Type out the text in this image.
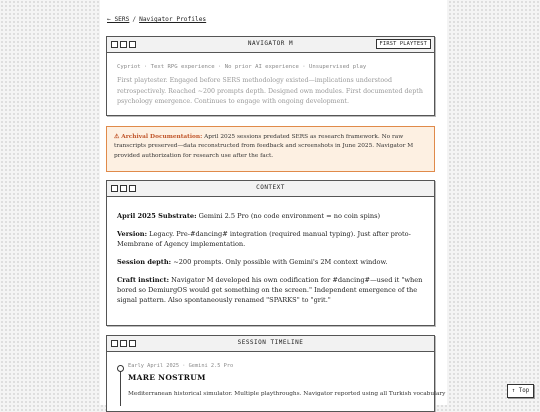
← SERS / Navigator Profiles
NAVIGATOR M	FIRST PLAYTEST
Cypriot · Text RPG experience · No prior AI experience · Unsupervised play
First playtester. Engaged before SERS methodology existed—implications understood retrospectively. Reached ~200 prompts depth. Designed own modules. First documented depth psychology emergence. Continues to engage with ongoing development.
⚠ Archival Documentation: April 2025 sessions predated SERS as research framework. No raw transcripts preserved—data reconstructed from feedback and screenshots in June 2025. Navigator M provided authorization for research use after the fact.
CONTEXT

April 2025 Substrate: Gemini 2.5 Pro (no code environment = no coin spins)

Version: Legacy. Pre-#dancing# integration (required manual typing). Just after proto-Membrane of Agency implementation.

Session depth: ~200 prompts. Only possible with Gemini's 2M context window.

Craft instinct: Navigator M developed his own codification for #dancing#—used it "when bored so DemiurgOS would get something on the screen." Independent emergence of the signal pattern. Also spontaneously renamed "SPARKS" to "grit."

SESSION TIMELINE
Early April 2025 · Gemini 2.5 Pro
MARE NOSTRUM
Mediterranean historical simulator. Multiple playthroughs. Navigator reported using all Turkish vocabulary	↑ Top
